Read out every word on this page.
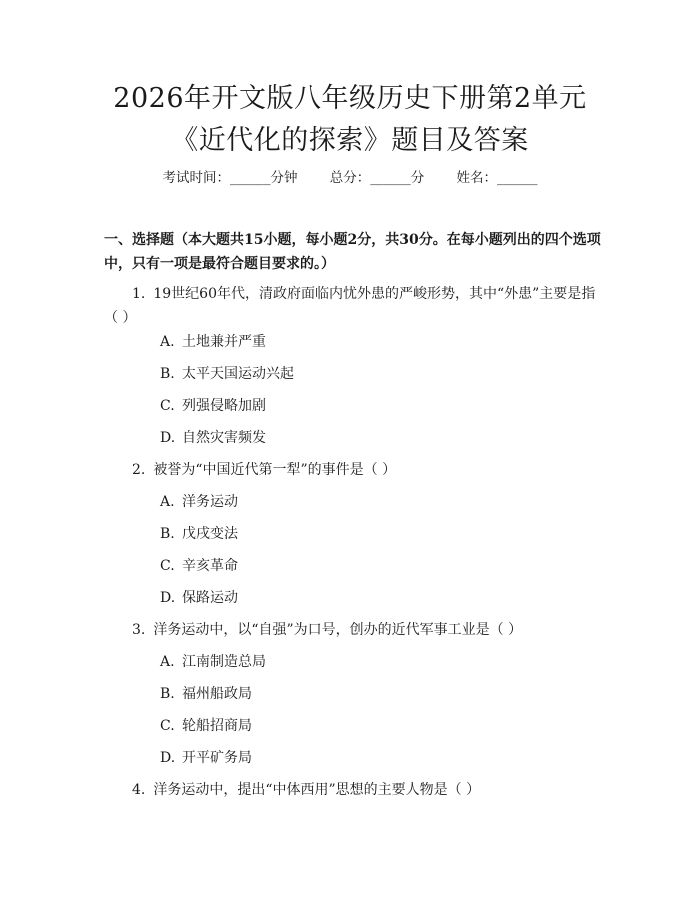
2026年开文版八年级历史下册第2单元《近代化的探索》题目及答案
考试时间：______分钟 总分：______分 姓名：______
一、选择题（本大题共15小题，每小题2分，共30分。在每小题列出的四个选项中，只有一项是最符合题目要求的。）
1. 19世纪60年代，清政府面临内忧外患的严峻形势，其中“外患”主要是指（ ）
A. 土地兼并严重
B. 太平天国运动兴起
C. 列强侵略加剧
D. 自然灾害频发
2. 被誉为“中国近代第一犁”的事件是（ ）
A. 洋务运动
B. 戊戌变法
C. 辛亥革命
D. 保路运动
3. 洋务运动中，以“自强”为口号，创办的近代军事工业是（ ）
A. 江南制造总局
B. 福州船政局
C. 轮船招商局
D. 开平矿务局
4. 洋务运动中，提出“中体西用”思想的主要人物是（ ）
